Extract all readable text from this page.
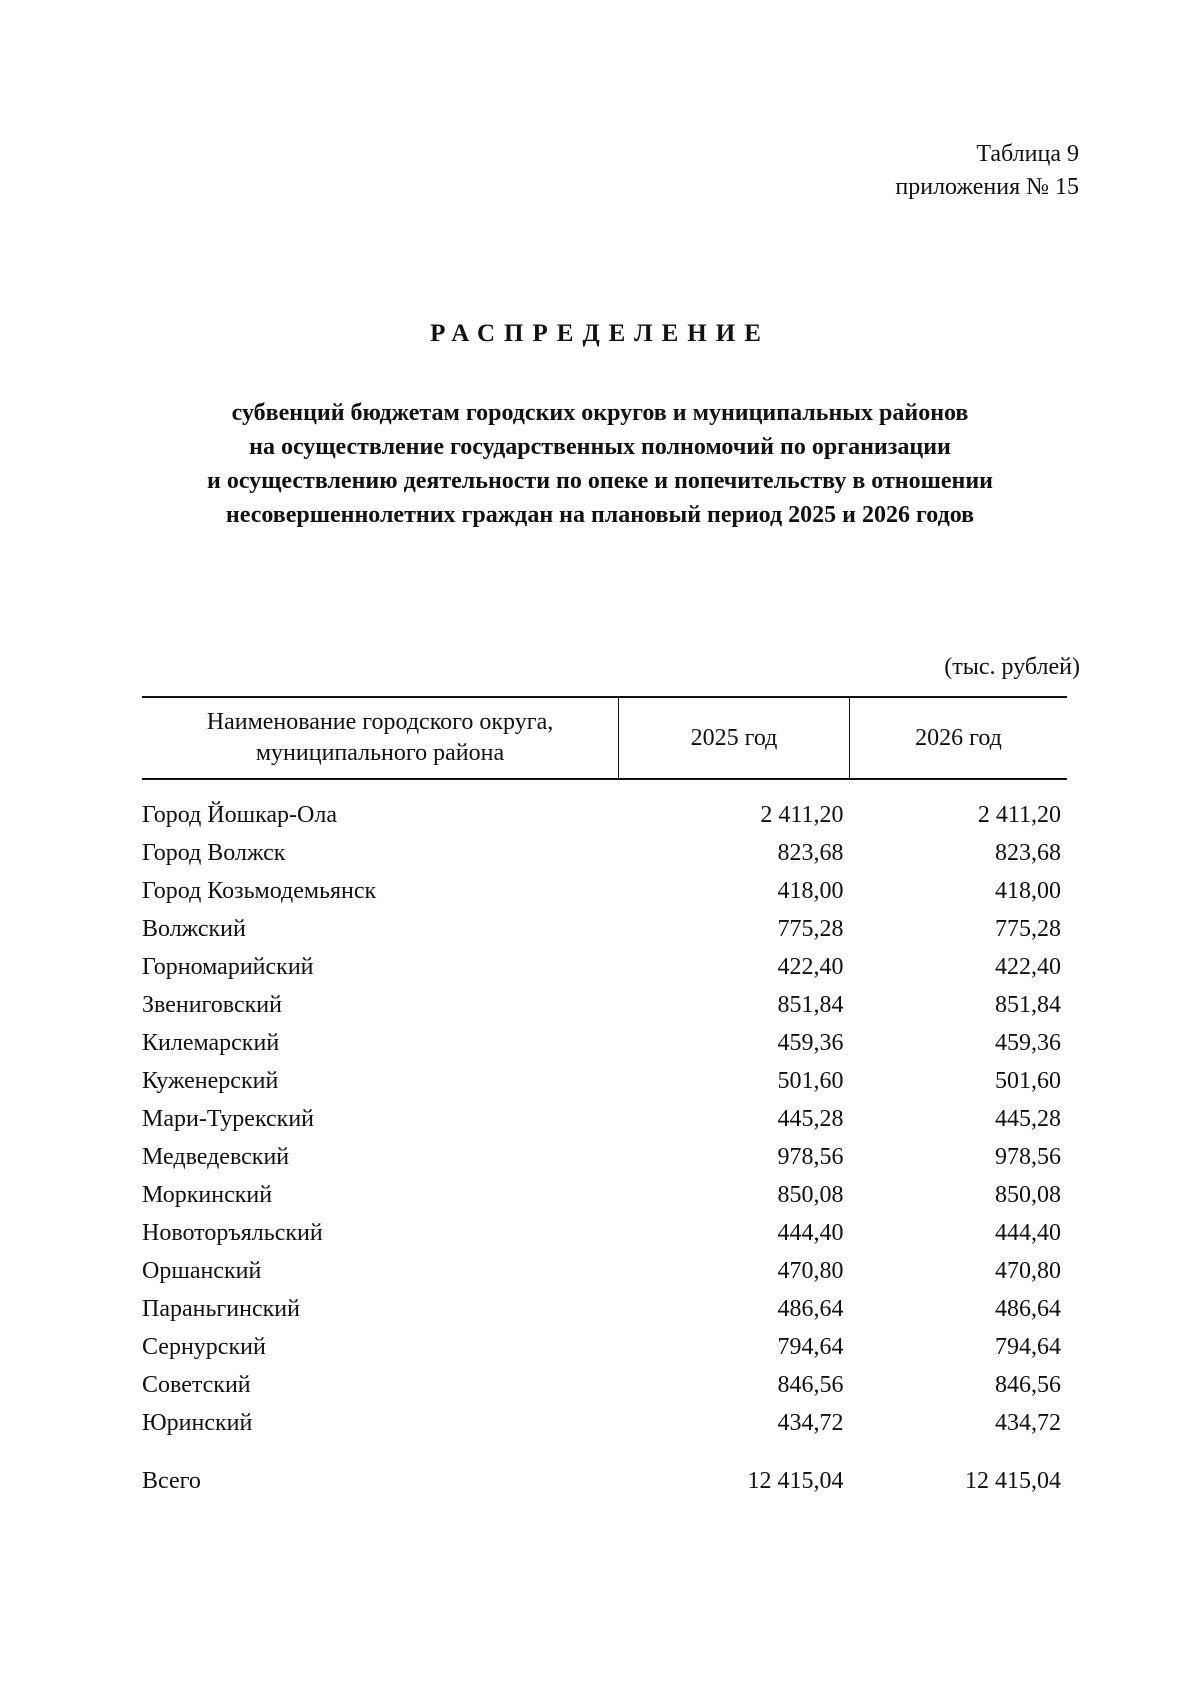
Таблица 9
приложения № 15
РАСПРЕДЕЛЕНИЕ
субвенций бюджетам городских округов и муниципальных районов
на осуществление государственных полномочий по организации
и осуществлению деятельности по опеке и попечительству в отношении
несовершеннолетних граждан на плановый период 2025 и 2026 годов
(тыс. рублей)
Наименование городского округа,
муниципального района	2025 год	2026 год

Город Йошкар-Ола	2 411,20	2 411,20
Город Волжск	823,68	823,68
Город Козьмодемьянск	418,00	418,00
Волжский	775,28	775,28
Горномарийский	422,40	422,40
Звениговский	851,84	851,84
Килемарский	459,36	459,36
Куженерский	501,60	501,60
Мари-Турекский	445,28	445,28
Медведевский	978,56	978,56
Моркинский	850,08	850,08
Новоторъяльский	444,40	444,40
Оршанский	470,80	470,80
Параньгинский	486,64	486,64
Сернурский	794,64	794,64
Советский	846,56	846,56
Юринский	434,72	434,72

Всего	12 415,04	12 415,04
